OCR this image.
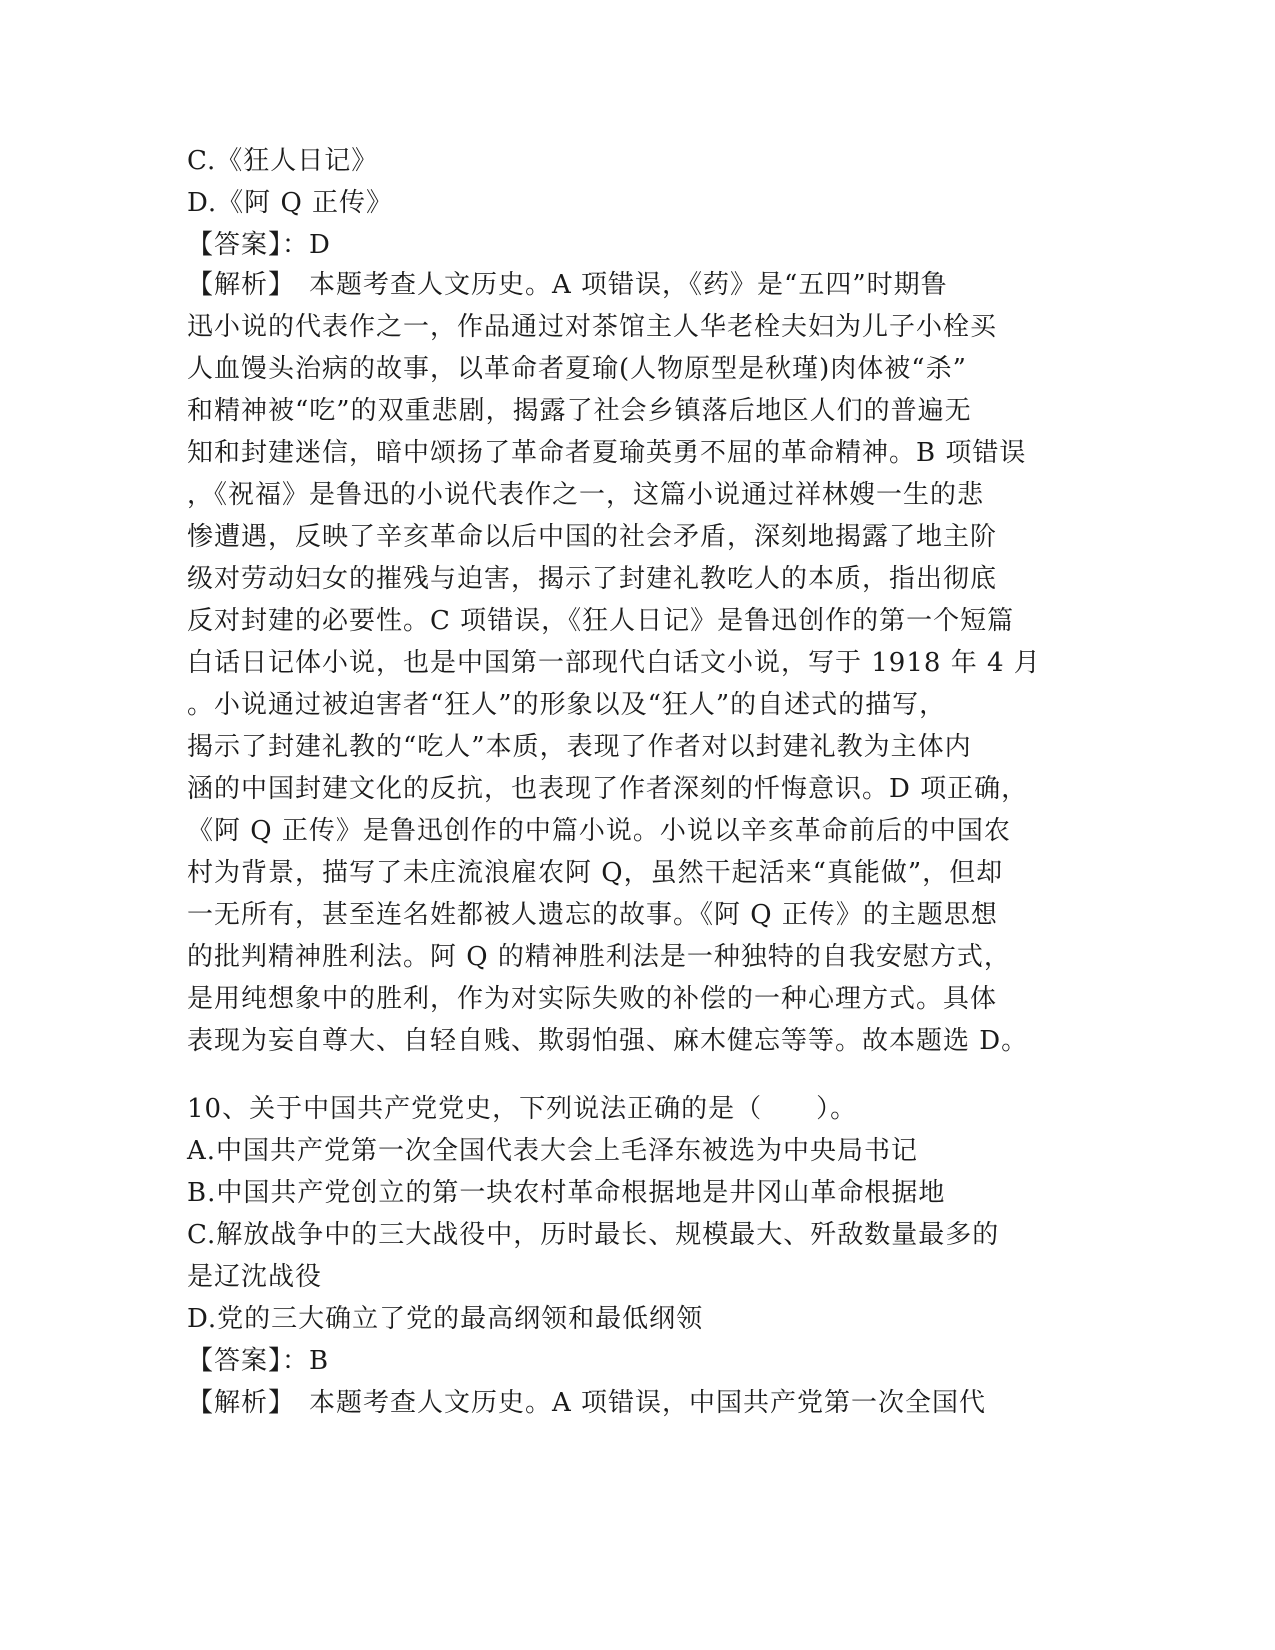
C.《狂人日记》
D.《阿 Q 正传》
【答案】：D
【解析】　本题考查人文历史。A 项错误，《药》是“五四”时期鲁
迅小说的代表作之一，作品通过对茶馆主人华老栓夫妇为儿子小栓买
人血馒头治病的故事，以革命者夏瑜(人物原型是秋瑾)肉体被“杀”
和精神被“吃”的双重悲剧，揭露了社会乡镇落后地区人们的普遍无
知和封建迷信，暗中颂扬了革命者夏瑜英勇不屈的革命精神。B 项错误
，《祝福》是鲁迅的小说代表作之一，这篇小说通过祥林嫂一生的悲
惨遭遇，反映了辛亥革命以后中国的社会矛盾，深刻地揭露了地主阶
级对劳动妇女的摧残与迫害，揭示了封建礼教吃人的本质，指出彻底
反对封建的必要性。C 项错误，《狂人日记》是鲁迅创作的第一个短篇
白话日记体小说，也是中国第一部现代白话文小说，写于 1918 年 4 月
。小说通过被迫害者“狂人”的形象以及“狂人”的自述式的描写，
揭示了封建礼教的“吃人”本质，表现了作者对以封建礼教为主体内
涵的中国封建文化的反抗，也表现了作者深刻的忏悔意识。D 项正确，
《阿 Q 正传》是鲁迅创作的中篇小说。小说以辛亥革命前后的中国农
村为背景，描写了未庄流浪雇农阿 Q，虽然干起活来“真能做”，但却
一无所有，甚至连名姓都被人遗忘的故事。《阿 Q 正传》的主题思想
的批判精神胜利法。阿 Q 的精神胜利法是一种独特的自我安慰方式，
是用纯想象中的胜利，作为对实际失败的补偿的一种心理方式。具体
表现为妄自尊大、自轻自贱、欺弱怕强、麻木健忘等等。故本题选 D。
10、关于中国共产党党史，下列说法正确的是（　　）。
A.中国共产党第一次全国代表大会上毛泽东被选为中央局书记
B.中国共产党创立的第一块农村革命根据地是井冈山革命根据地
C.解放战争中的三大战役中，历时最长、规模最大、歼敌数量最多的
是辽沈战役
D.党的三大确立了党的最高纲领和最低纲领
【答案】：B
【解析】　本题考查人文历史。A 项错误，中国共产党第一次全国代
